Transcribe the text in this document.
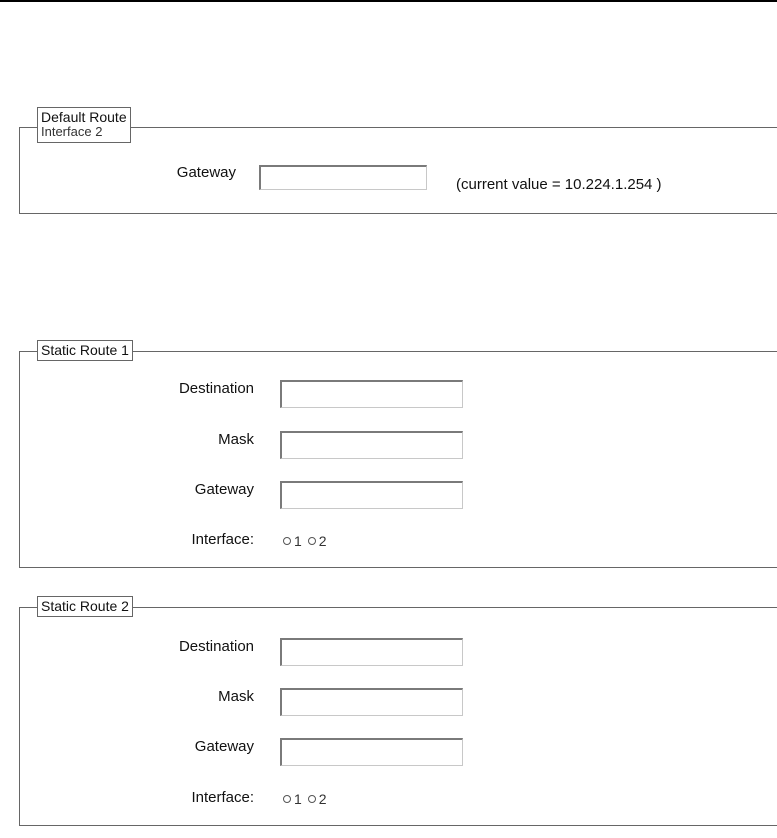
Default Route
Interface 2
Gateway
(current value = 10.224.1.254 )
Static Route 1
Destination
Mask
Gateway
Interface:	1 2
Static Route 2
Destination
Mask
Gateway
Interface:	1 2
